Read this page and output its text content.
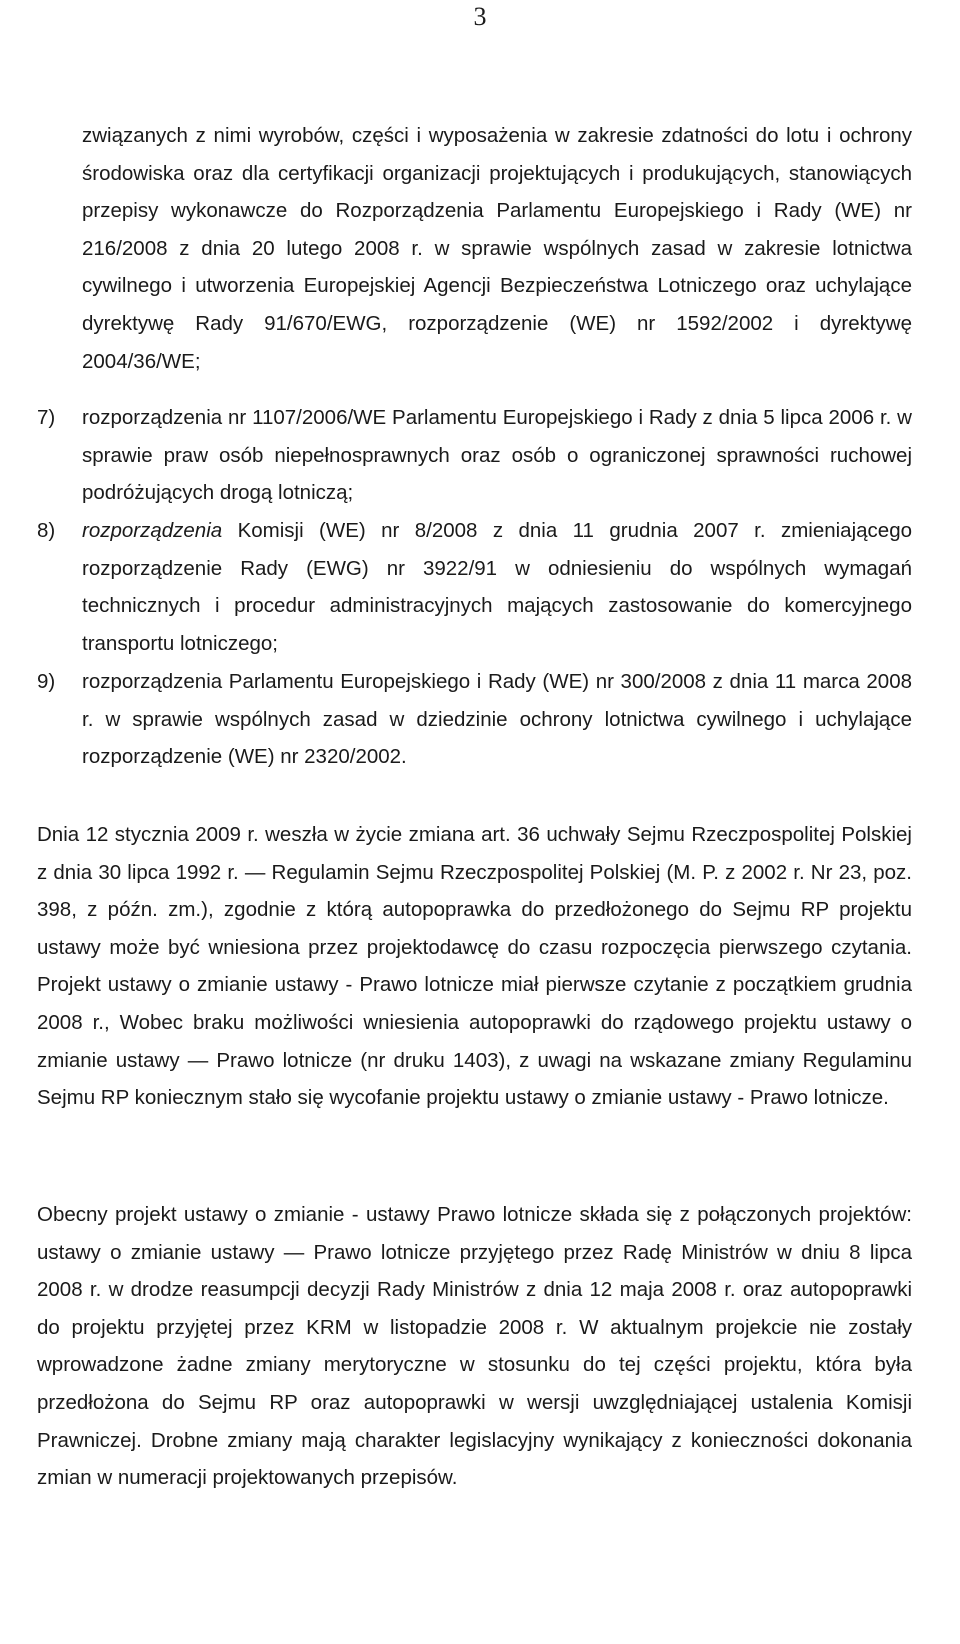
3

związanych z nimi wyrobów, części i wyposażenia w zakresie zdatności do lotu i ochrony środowiska oraz dla certyfikacji organizacji projektujących i produkujących, stanowiących przepisy wykonawcze do Rozporządzenia Parlamentu Europejskiego i Rady (WE) nr 216/2008 z dnia 20 lutego 2008 r. w sprawie wspólnych zasad w zakresie lotnictwa cywilnego i utworzenia Europejskiej Agencji Bezpieczeństwa Lotniczego oraz uchylające dyrektywę Rady 91/670/EWG, rozporządzenie (WE) nr 1592/2002 i dyrektywę 2004/36/WE;

7) rozporządzenia nr 1107/2006/WE Parlamentu Europejskiego i Rady z dnia 5 lipca 2006 r. w sprawie praw osób niepełnosprawnych oraz osób o ograniczonej sprawności ruchowej podróżujących drogą lotniczą;

8) rozporządzenia Komisji (WE) nr 8/2008 z dnia 11 grudnia 2007 r. zmieniającego rozporządzenie Rady (EWG) nr 3922/91 w odniesieniu do wspólnych wymagań technicznych i procedur administracyjnych mających zastosowanie do komercyjnego transportu lotniczego;

9) rozporządzenia Parlamentu Europejskiego i Rady (WE) nr 300/2008 z dnia 11 marca 2008 r. w sprawie wspólnych zasad w dziedzinie ochrony lotnictwa cywilnego i uchylające rozporządzenie (WE) nr 2320/2002.

Dnia 12 stycznia 2009 r. weszła w życie zmiana art. 36 uchwały Sejmu Rzeczpospolitej Polskiej z dnia 30 lipca 1992 r. — Regulamin Sejmu Rzeczpospolitej Polskiej (M. P. z 2002 r. Nr 23, poz. 398, z późn. zm.), zgodnie z którą autopoprawka do przedłożonego do Sejmu RP projektu ustawy może być wniesiona przez projektodawcę do czasu rozpoczęcia pierwszego czytania. Projekt ustawy o zmianie ustawy - Prawo lotnicze miał pierwsze czytanie z początkiem grudnia 2008 r., Wobec braku możliwości wniesienia autopoprawki do rządowego projektu ustawy o zmianie ustawy — Prawo lotnicze (nr druku 1403), z uwagi na wskazane zmiany Regulaminu Sejmu RP koniecznym stało się wycofanie projektu ustawy o zmianie ustawy - Prawo lotnicze.

Obecny projekt ustawy o zmianie - ustawy Prawo lotnicze składa się z połączonych projektów: ustawy o zmianie ustawy — Prawo lotnicze przyjętego przez Radę Ministrów w dniu 8 lipca 2008 r. w drodze reasumpcji decyzji Rady Ministrów z dnia 12 maja 2008 r. oraz autopoprawki do projektu przyjętej przez KRM w listopadzie 2008 r. W aktualnym projekcie nie zostały wprowadzone żadne zmiany merytoryczne w stosunku do tej części projektu, która była przedłożona do Sejmu RP oraz autopoprawki w wersji uwzględniającej ustalenia Komisji Prawniczej. Drobne zmiany mają charakter legislacyjny wynikający z konieczności dokonania zmian w numeracji projektowanych przepisów.
